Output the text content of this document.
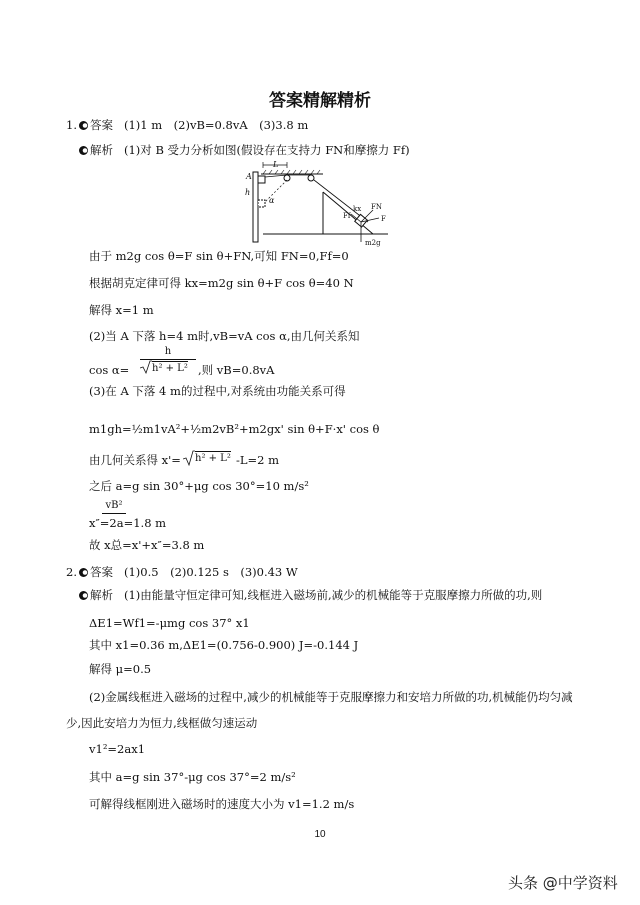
答案精解精析
1. 答案 (1)1 m　(2)vB=0.8vA　(3)3.8 m
解析 (1)对 B 受力分析如图(假设存在支持力 FN和摩擦力 Ff)
L
A
h
α
kx FN
Ff	F
m2g
由于 m2g cos θ=F sin θ+FN,可知 FN=0,Ff=0
根据胡克定律可得 kx=m2g sin θ+F cos θ=40 N
解得 x=1 m
(2)当 A 下落 h=4 m时,vB=vA cos α,由几何关系知
cos α=
h
h² + L² ,则 vB=0.8vA
(3)在 A 下落 4 m的过程中,对系统由功能关系可得
m1gh=½m1vA²+½m2vB²+m2gx' sin θ+F·x' cos θ
由几何关系得 x'= h² + L² -L=2 m
之后 a=g sin 30°+μg cos 30°=10 m/s²
vB²
x″=2a=1.8 m
故 x总=x'+x″=3.8 m
2. 答案 (1)0.5　(2)0.125 s　(3)0.43 W
解析 (1)由能量守恒定律可知,线框进入磁场前,减少的机械能等于克服摩擦力所做的功,则
ΔE1=Wf1=-μmg cos 37° x1
其中 x1=0.36 m,ΔE1=(0.756-0.900) J=-0.144 J
解得 μ=0.5
(2)金属线框进入磁场的过程中,减少的机械能等于克服摩擦力和安培力所做的功,机械能仍均匀减
少,因此安培力为恒力,线框做匀速运动
v1²=2ax1
其中 a=g sin 37°-μg cos 37°=2 m/s²
可解得线框刚进入磁场时的速度大小为 v1=1.2 m/s
10
头条 @中学资料
